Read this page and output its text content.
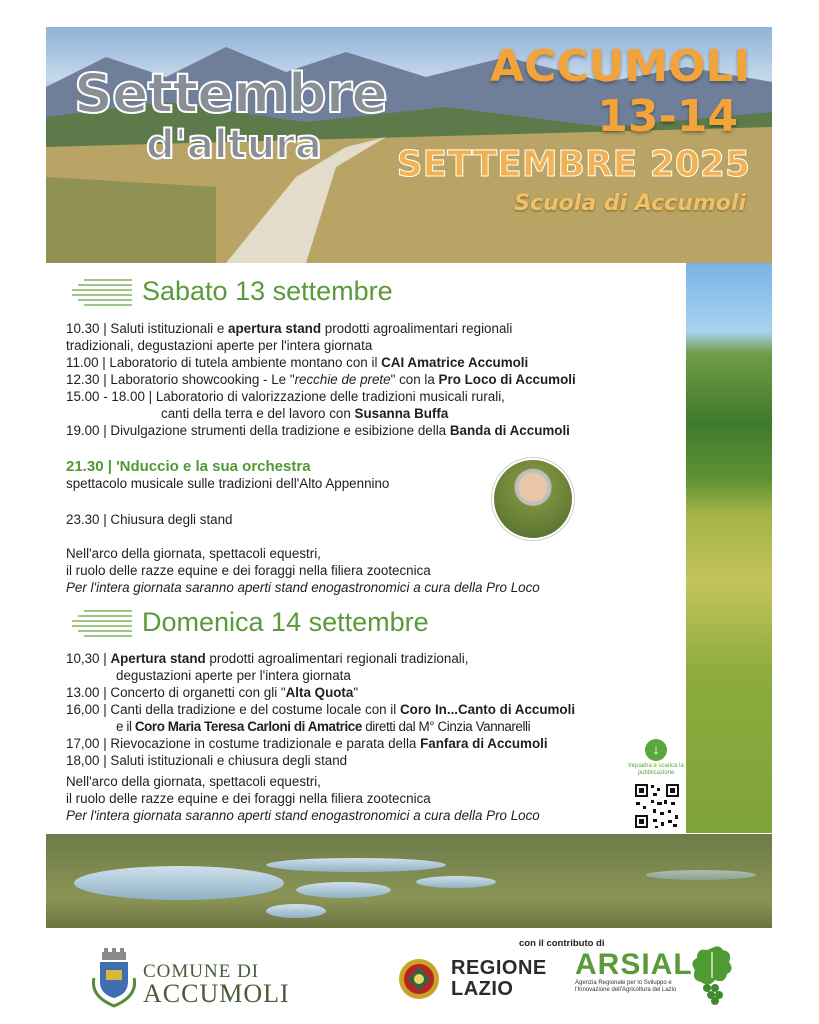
Settembre
d'altura
ACCUMOLI
13-14
SETTEMBRE 2025
Scuola di Accumoli
Sabato 13 settembre
10.30 | Saluti istituzionali e apertura stand prodotti agroalimentari regionali
tradizionali, degustazioni aperte per l'intera giornata
11.00 | Laboratorio di tutela ambiente montano con il CAI Amatrice Accumoli
12.30 | Laboratorio showcooking - Le "recchie de prete" con la Pro Loco di Accumoli
15.00 - 18.00 | Laboratorio di valorizzazione delle tradizioni musicali rurali,
canti della terra e del lavoro con Susanna Buffa
19.00 | Divulgazione strumenti della tradizione e esibizione della Banda di Accumoli
21.30 | 'Nduccio e la sua orchestra
spettacolo musicale sulle tradizioni dell'Alto Appennino
23.30 | Chiusura degli stand
Nell'arco della giornata, spettacoli equestri,
il ruolo delle razze equine e dei foraggi nella filiera zootecnica
Per l'intera giornata saranno aperti stand enogastronomici a cura della Pro Loco
Domenica 14 settembre
10,30 | Apertura stand prodotti agroalimentari regionali tradizionali,
degustazioni aperte per l'intera giornata
13.00 | Concerto di organetti con gli "Alta Quota"
16,00 | Canti della tradizione e del costume locale con il Coro In...Canto di Accumoli
e il Coro Maria Teresa Carloni di Amatrice diretti dal M° Cinzia Vannarelli
17,00 | Rievocazione in costume tradizionale e parata della Fanfara di Accumoli
18,00 | Saluti istituzionali e chiusura degli stand
Nell'arco della giornata, spettacoli equestri,
il ruolo delle razze equine e dei foraggi nella filiera zootecnica
Per l'intera giornata saranno aperti stand enogastronomici a cura della Pro Loco
↓
Inquadra e scarica la pubblicazione
con il contributo di
COMUNE DI
ACCUMOLI
REGIONE
LAZIO
ARSIAL
Agenzia Regionale per lo Sviluppo e l'Innovazione dell'Agricoltura del Lazio
